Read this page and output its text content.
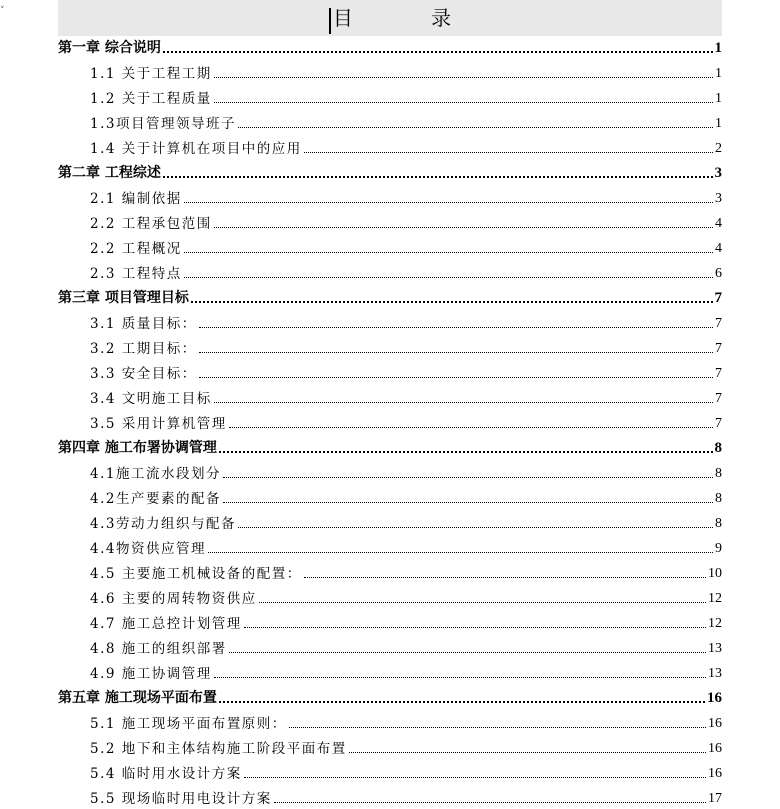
˅	目 录
第一章 综合说明	1
1.1 关于工程工期	1
1.2 关于工程质量	1
1.3项目管理领导班子	1
1.4 关于计算机在项目中的应用	2
第二章 工程综述	3
2.1 编制依据	3
2.2 工程承包范围	4
2.2 工程概况	4
2.3 工程特点	6
第三章 项目管理目标	7
3.1 质量目标：	7
3.2 工期目标：	7
3.3 安全目标：	7
3.4 文明施工目标	7
3.5 采用计算机管理	7
第四章 施工布署协调管理	8
4.1施工流水段划分	8
4.2生产要素的配备	8
4.3劳动力组织与配备	8
4.4物资供应管理	9
4.5 主要施工机械设备的配置：	10
4.6 主要的周转物资供应	12
4.7 施工总控计划管理	12
4.8 施工的组织部署	13
4.9 施工协调管理	13
第五章 施工现场平面布置	16
5.1 施工现场平面布置原则：	16
5.2 地下和主体结构施工阶段平面布置	16
5.4 临时用水设计方案	16
5.5 现场临时用电设计方案	17
